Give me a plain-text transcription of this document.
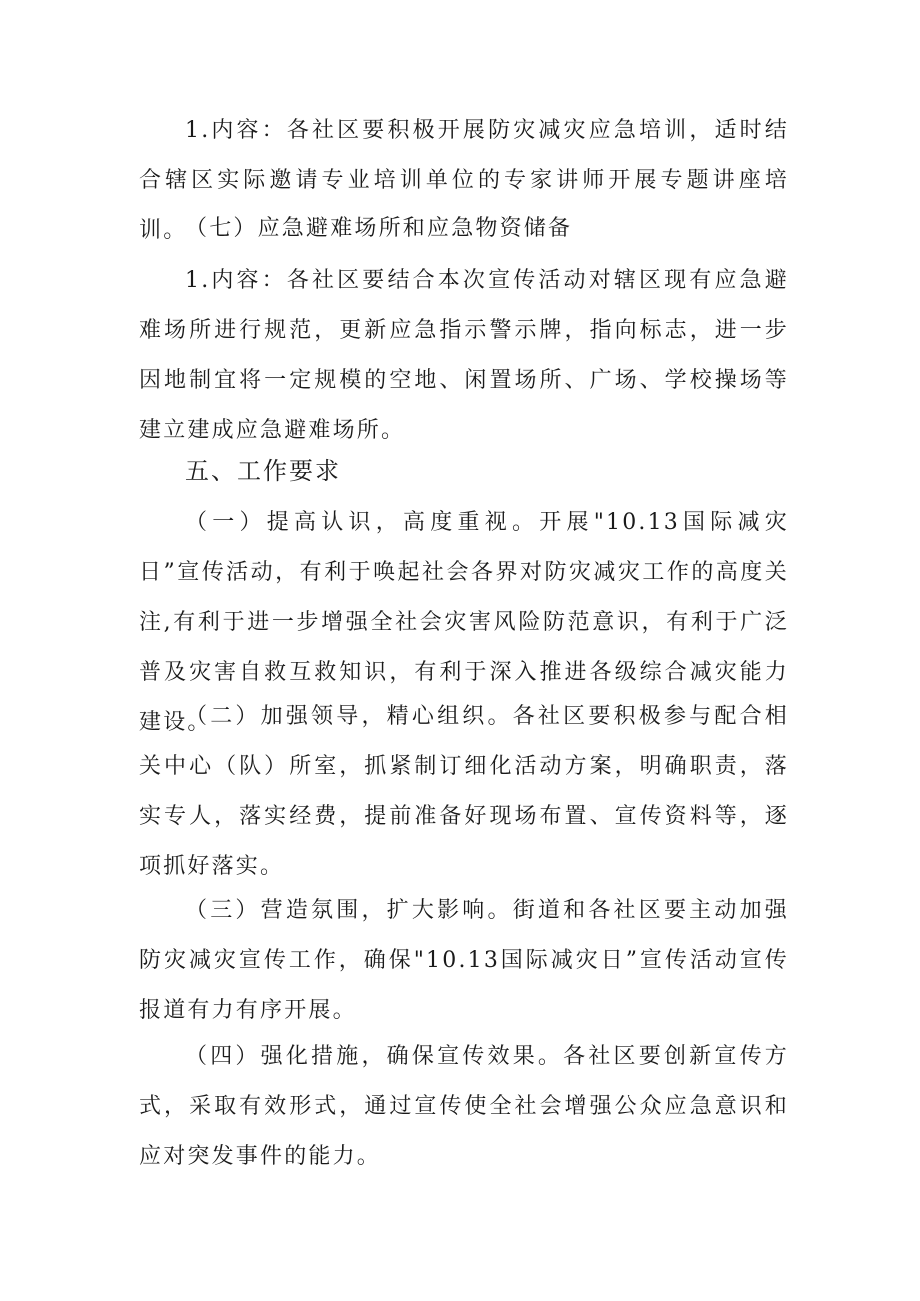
1.内容：各社区要积极开展防灾减灾应急培训，适时结合辖区实际邀请专业培训单位的专家讲师开展专题讲座培训。

（七）应急避难场所和应急物资储备

1.内容：各社区要结合本次宣传活动对辖区现有应急避难场所进行规范，更新应急指示警示牌，指向标志，进一步因地制宜将一定规模的空地、闲置场所、广场、学校操场等建立建成应急避难场所。

五、工作要求

（一）提高认识，高度重视。开展"10.13国际减灾日”宣传活动，有利于唤起社会各界对防灾减灾工作的高度关注,有利于进一步增强全社会灾害风险防范意识，有利于广泛普及灾害自救互救知识，有利于深入推进各级综合减灾能力建设。

（二）加强领导，精心组织。各社区要积极参与配合相关中心（队）所室，抓紧制订细化活动方案，明确职责，落实专人，落实经费，提前准备好现场布置、宣传资料等，逐项抓好落实。

（三）营造氛围，扩大影响。街道和各社区要主动加强防灾减灾宣传工作，确保"10.13国际减灾日”宣传活动宣传报道有力有序开展。

（四）强化措施，确保宣传效果。各社区要创新宣传方式，采取有效形式，通过宣传使全社会增强公众应急意识和应对突发事件的能力。
